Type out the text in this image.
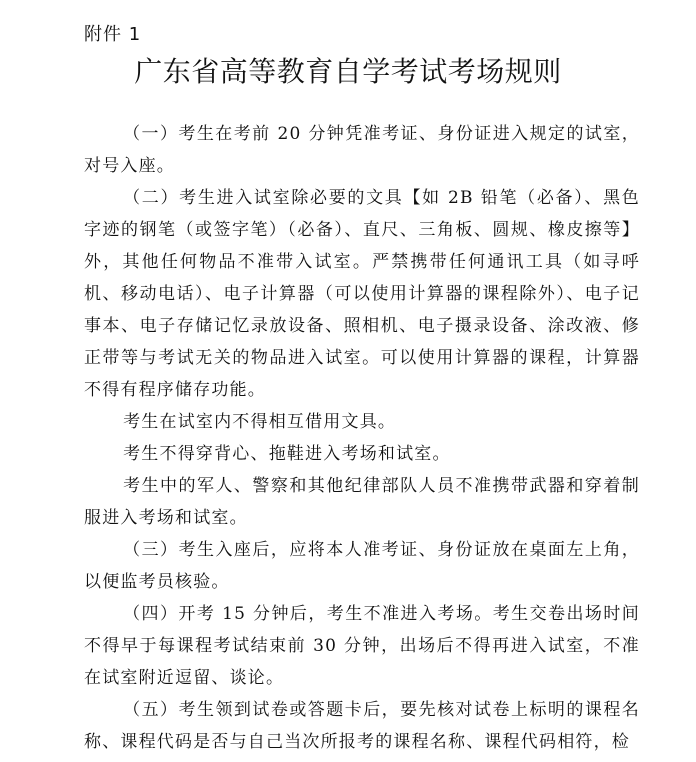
附件 1
广东省高等教育自学考试考场规则

（一）考生在考前 20 分钟凭准考证、身份证进入规定的试室，对号入座。

（二）考生进入试室除必要的文具【如 2B 铅笔（必备）、黑色字迹的钢笔（或签字笔）（必备）、直尺、三角板、圆规、橡皮擦等】外，其他任何物品不准带入试室。严禁携带任何通讯工具（如寻呼机、移动电话）、电子计算器（可以使用计算器的课程除外）、电子记事本、电子存储记忆录放设备、照相机、电子摄录设备、涂改液、修正带等与考试无关的物品进入试室。可以使用计算器的课程，计算器不得有程序储存功能。

考生在试室内不得相互借用文具。

考生不得穿背心、拖鞋进入考场和试室。

考生中的军人、警察和其他纪律部队人员不准携带武器和穿着制服进入考场和试室。

（三）考生入座后，应将本人准考证、身份证放在桌面左上角，以便监考员核验。

（四）开考 15 分钟后，考生不准进入考场。考生交卷出场时间不得早于每课程考试结束前 30 分钟，出场后不得再进入试室，不准在试室附近逗留、谈论。

（五）考生领到试卷或答题卡后，要先核对试卷上标明的课程名称、课程代码是否与自己当次所报考的课程名称、课程代码相符，检
